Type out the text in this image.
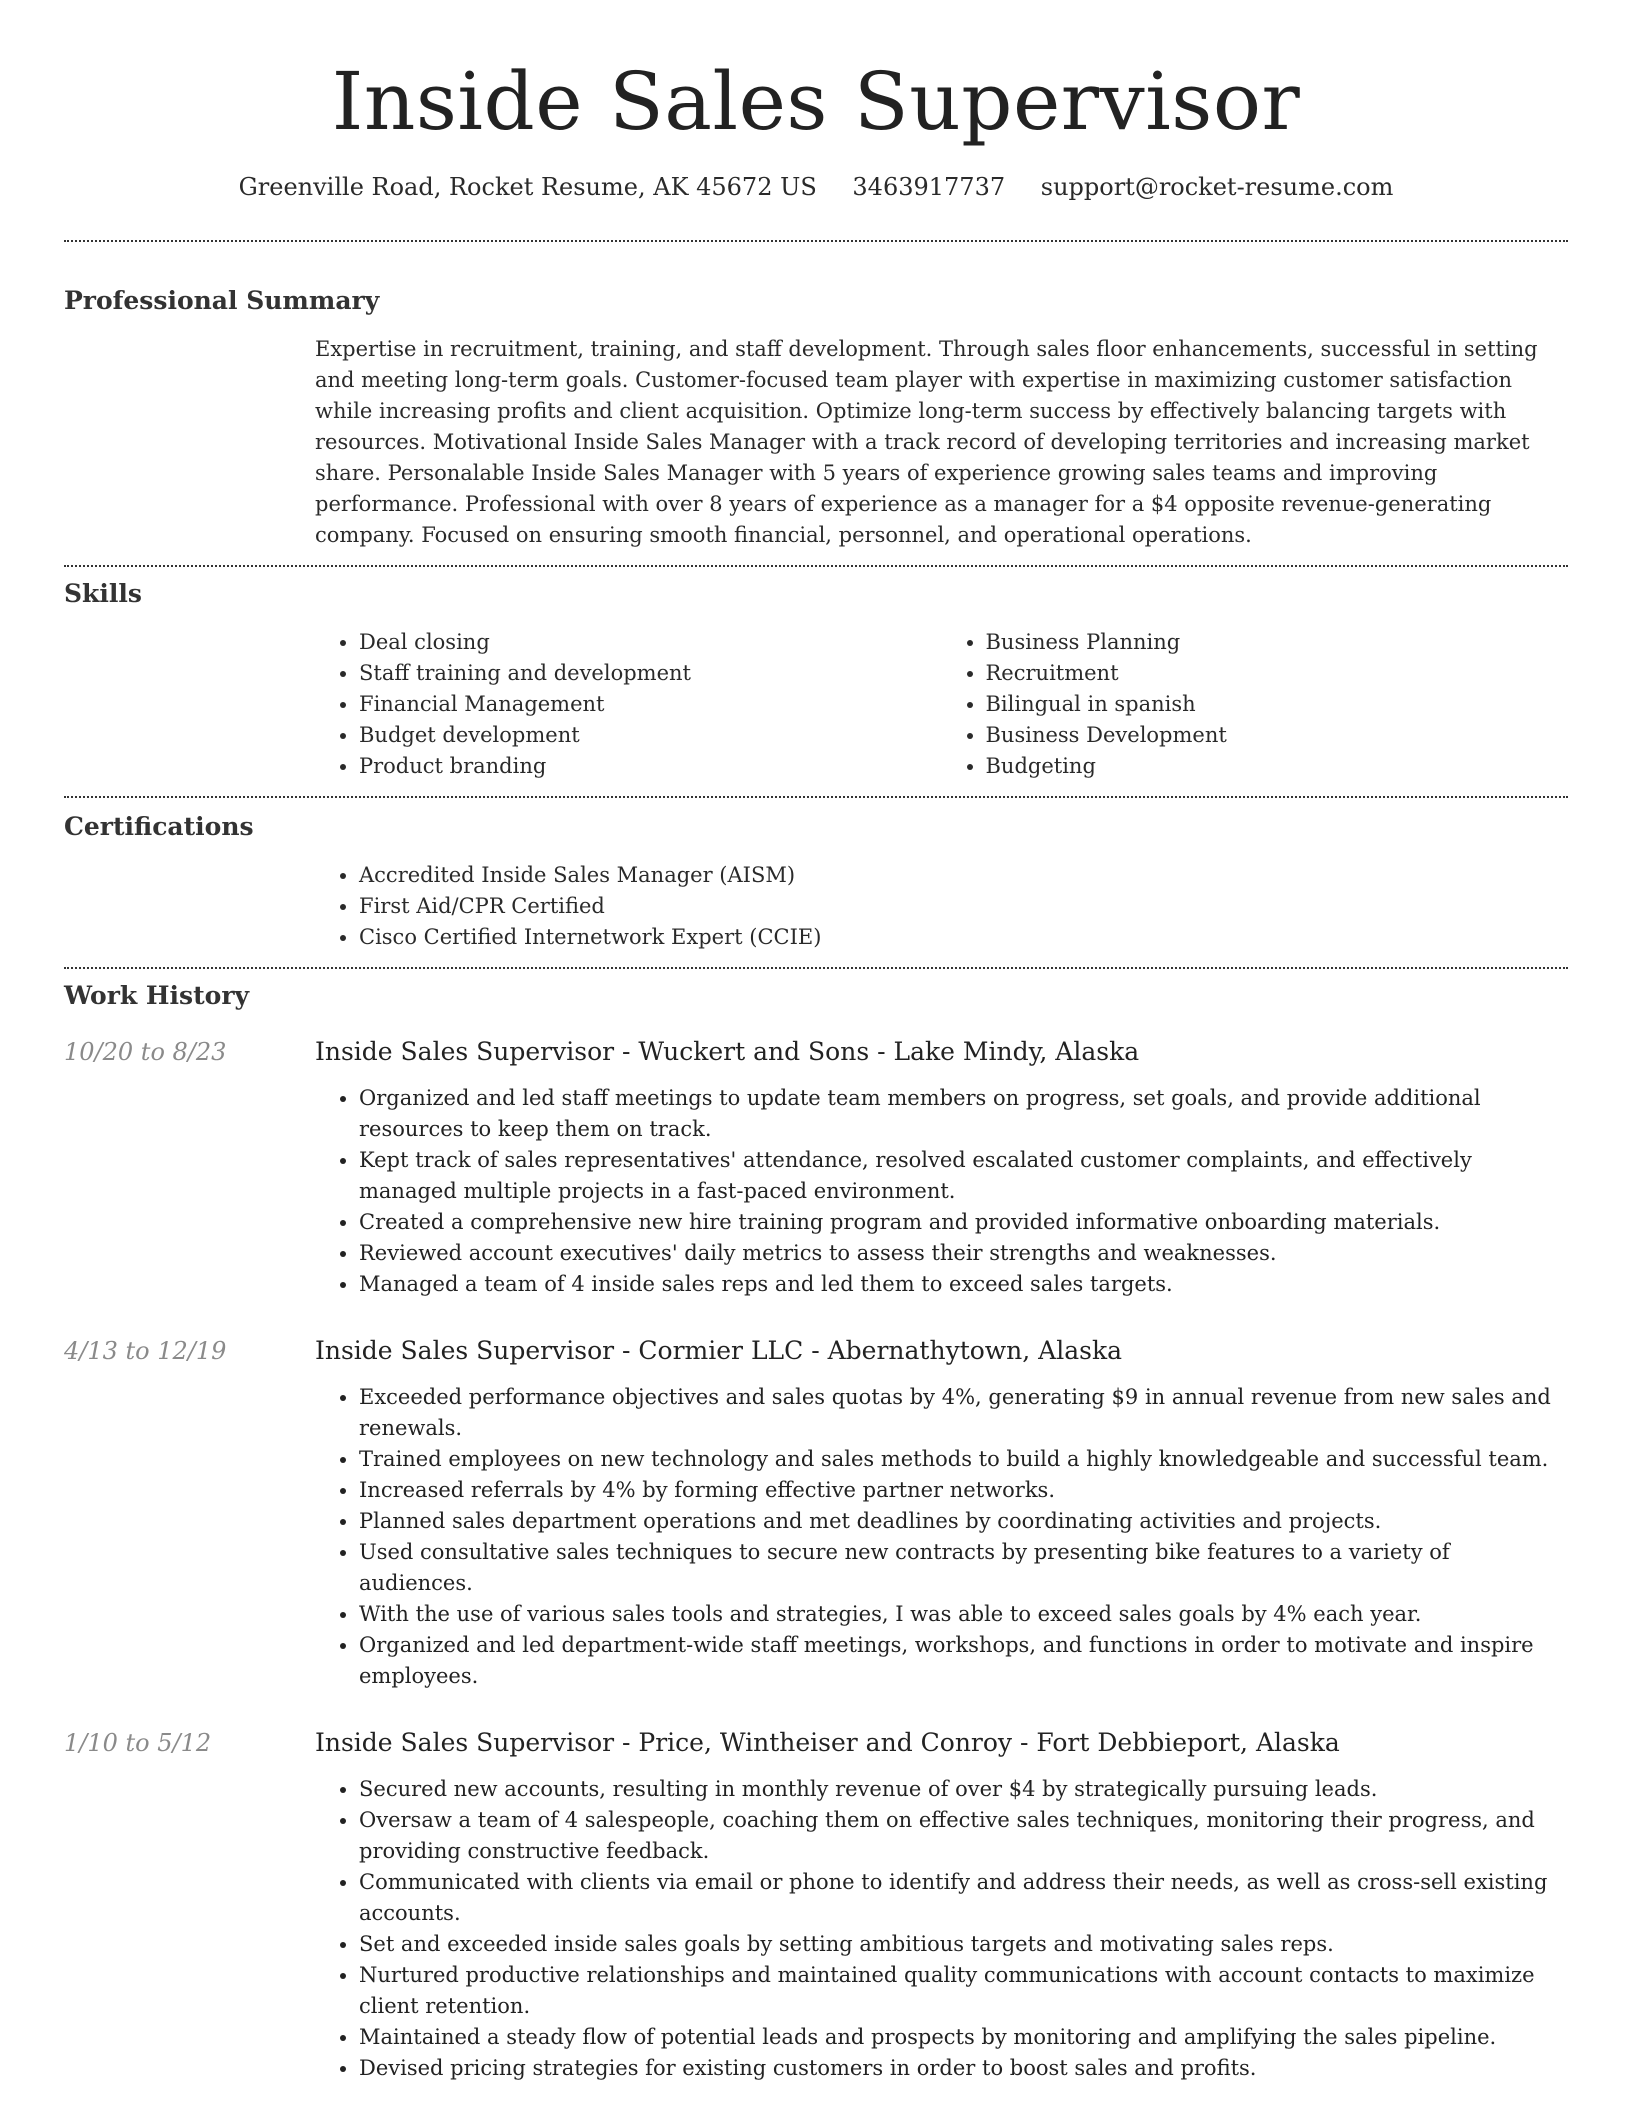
Inside Sales Supervisor
Greenville Road, Rocket Resume, AK 45672 US 3463917737 support@rocket-resume.com
Professional Summary
Expertise in recruitment, training, and staff development. Through sales floor enhancements, successful in setting and meeting long-term goals. Customer-focused team player with expertise in maximizing customer satisfaction while increasing profits and client acquisition. Optimize long-term success by effectively balancing targets with resources. Motivational Inside Sales Manager with a track record of developing territories and increasing market share. Personalable Inside Sales Manager with 5 years of experience growing sales teams and improving performance. Professional with over 8 years of experience as a manager for a $4 opposite revenue-generating company. Focused on ensuring smooth financial, personnel, and operational operations.
Skills
• Deal closing
• Staff training and development
• Financial Management
• Budget development
• Product branding
• Business Planning
• Recruitment
• Bilingual in spanish
• Business Development
• Budgeting
Certifications
• Accredited Inside Sales Manager (AISM)
• First Aid/CPR Certified
• Cisco Certified Internetwork Expert (CCIE)
Work History
10/20 to 8/23	Inside Sales Supervisor - Wuckert and Sons - Lake Mindy, Alaska
• Organized and led staff meetings to update team members on progress, set goals, and provide additional resources to keep them on track.
• Kept track of sales representatives' attendance, resolved escalated customer complaints, and effectively managed multiple projects in a fast-paced environment.
• Created a comprehensive new hire training program and provided informative onboarding materials.
• Reviewed account executives' daily metrics to assess their strengths and weaknesses.
• Managed a team of 4 inside sales reps and led them to exceed sales targets.
4/13 to 12/19	Inside Sales Supervisor - Cormier LLC - Abernathytown, Alaska
• Exceeded performance objectives and sales quotas by 4%, generating $9 in annual revenue from new sales and renewals.
• Trained employees on new technology and sales methods to build a highly knowledgeable and successful team.
• Increased referrals by 4% by forming effective partner networks.
• Planned sales department operations and met deadlines by coordinating activities and projects.
• Used consultative sales techniques to secure new contracts by presenting bike features to a variety of audiences.
• With the use of various sales tools and strategies, I was able to exceed sales goals by 4% each year.
• Organized and led department-wide staff meetings, workshops, and functions in order to motivate and inspire employees.
1/10 to 5/12	Inside Sales Supervisor - Price, Wintheiser and Conroy - Fort Debbieport, Alaska
• Secured new accounts, resulting in monthly revenue of over $4 by strategically pursuing leads.
• Oversaw a team of 4 salespeople, coaching them on effective sales techniques, monitoring their progress, and providing constructive feedback.
• Communicated with clients via email or phone to identify and address their needs, as well as cross-sell existing accounts.
• Set and exceeded inside sales goals by setting ambitious targets and motivating sales reps.
• Nurtured productive relationships and maintained quality communications with account contacts to maximize client retention.
• Maintained a steady flow of potential leads and prospects by monitoring and amplifying the sales pipeline.
• Devised pricing strategies for existing customers in order to boost sales and profits.
